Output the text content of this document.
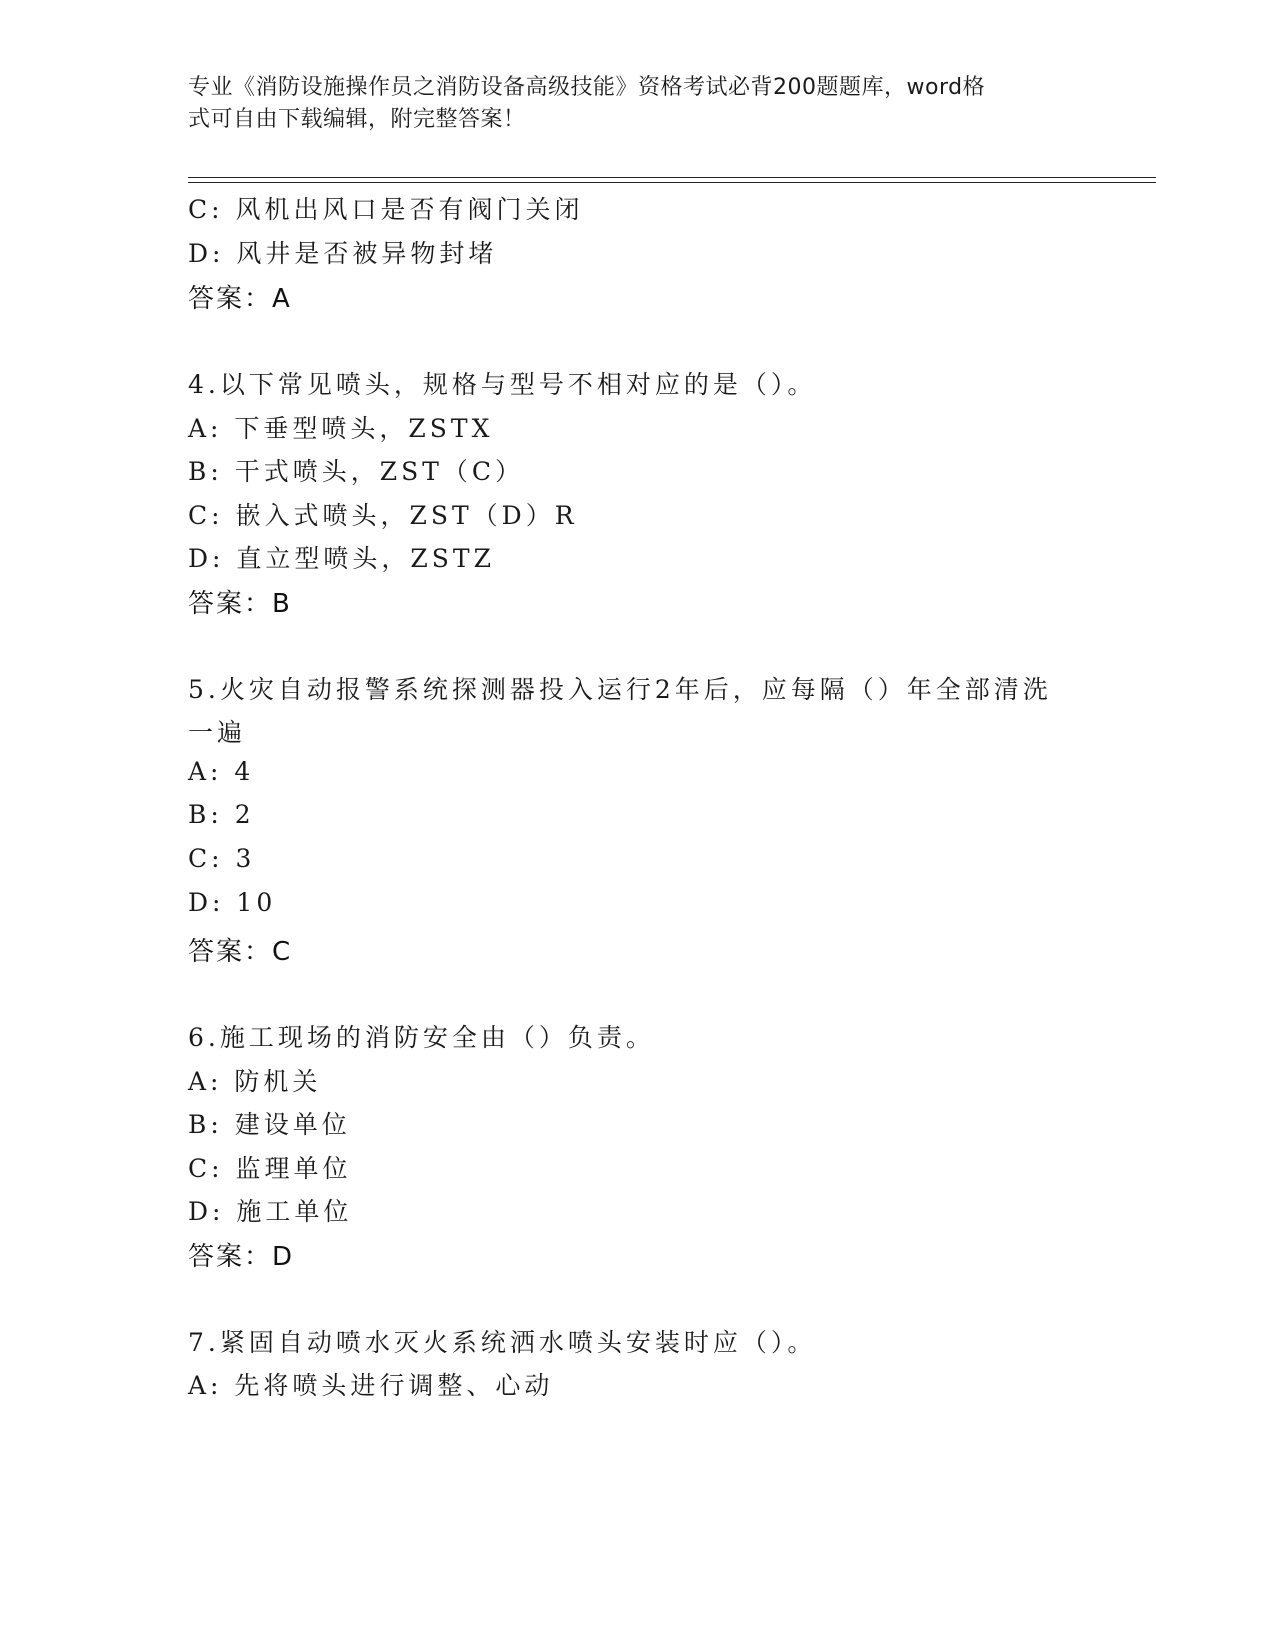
专业《消防设施操作员之消防设备高级技能》资格考试必背200题题库，word格
式可自由下载编辑，附完整答案！
C: 风机出风口是否有阀门关闭
D: 风井是否被异物封堵
答案：A
4.以下常见喷头，规格与型号不相对应的是（）。
A: 下垂型喷头，ZSTX
B: 干式喷头，ZST（C）
C: 嵌入式喷头，ZST（D）R
D: 直立型喷头，ZSTZ
答案：B
5.火灾自动报警系统探测器投入运行2年后，应每隔（）年全部清洗
一遍
A: 4
B: 2
C: 3
D: 10
答案：C
6.施工现场的消防安全由（）负责。
A: 防机关
B: 建设单位
C: 监理单位
D: 施工单位
答案：D
7.紧固自动喷水灭火系统洒水喷头安装时应（）。
A: 先将喷头进行调整、心动
